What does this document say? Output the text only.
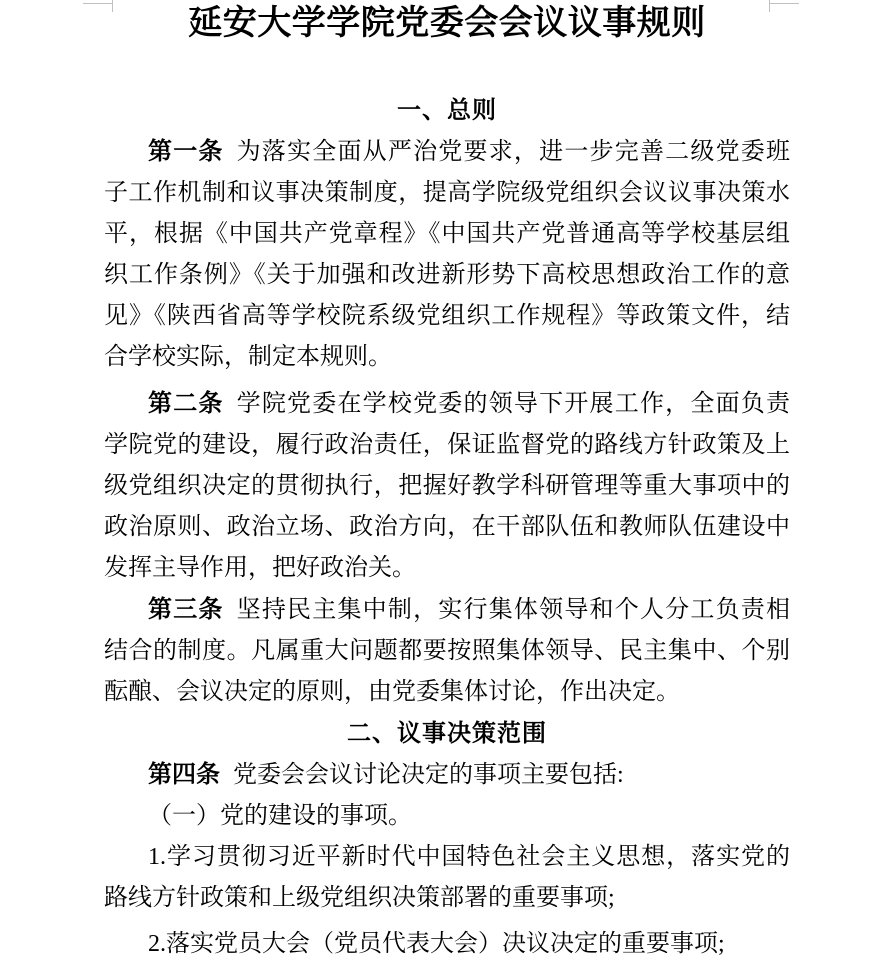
延安大学学院党委会会议议事规则
一、总则
第一条 为落实全面从严治党要求，进一步完善二级党委班
子工作机制和议事决策制度，提高学院级党组织会议议事决策水
平，根据《中国共产党章程》《中国共产党普通高等学校基层组
织工作条例》《关于加强和改进新形势下高校思想政治工作的意
见》《陕西省高等学校院系级党组织工作规程》等政策文件，结
合学校实际，制定本规则。
第二条 学院党委在学校党委的领导下开展工作，全面负责
学院党的建设，履行政治责任，保证监督党的路线方针政策及上
级党组织决定的贯彻执行，把握好教学科研管理等重大事项中的
政治原则、政治立场、政治方向，在干部队伍和教师队伍建设中
发挥主导作用，把好政治关。
第三条 坚持民主集中制，实行集体领导和个人分工负责相
结合的制度。凡属重大问题都要按照集体领导、民主集中、个别
酝酿、会议决定的原则，由党委集体讨论，作出决定。
二、议事决策范围
第四条 党委会会议讨论决定的事项主要包括:
（一）党的建设的事项。
1.学习贯彻习近平新时代中国特色社会主义思想，落实党的
路线方针政策和上级党组织决策部署的重要事项;
2.落实党员大会（党员代表大会）决议决定的重要事项;
